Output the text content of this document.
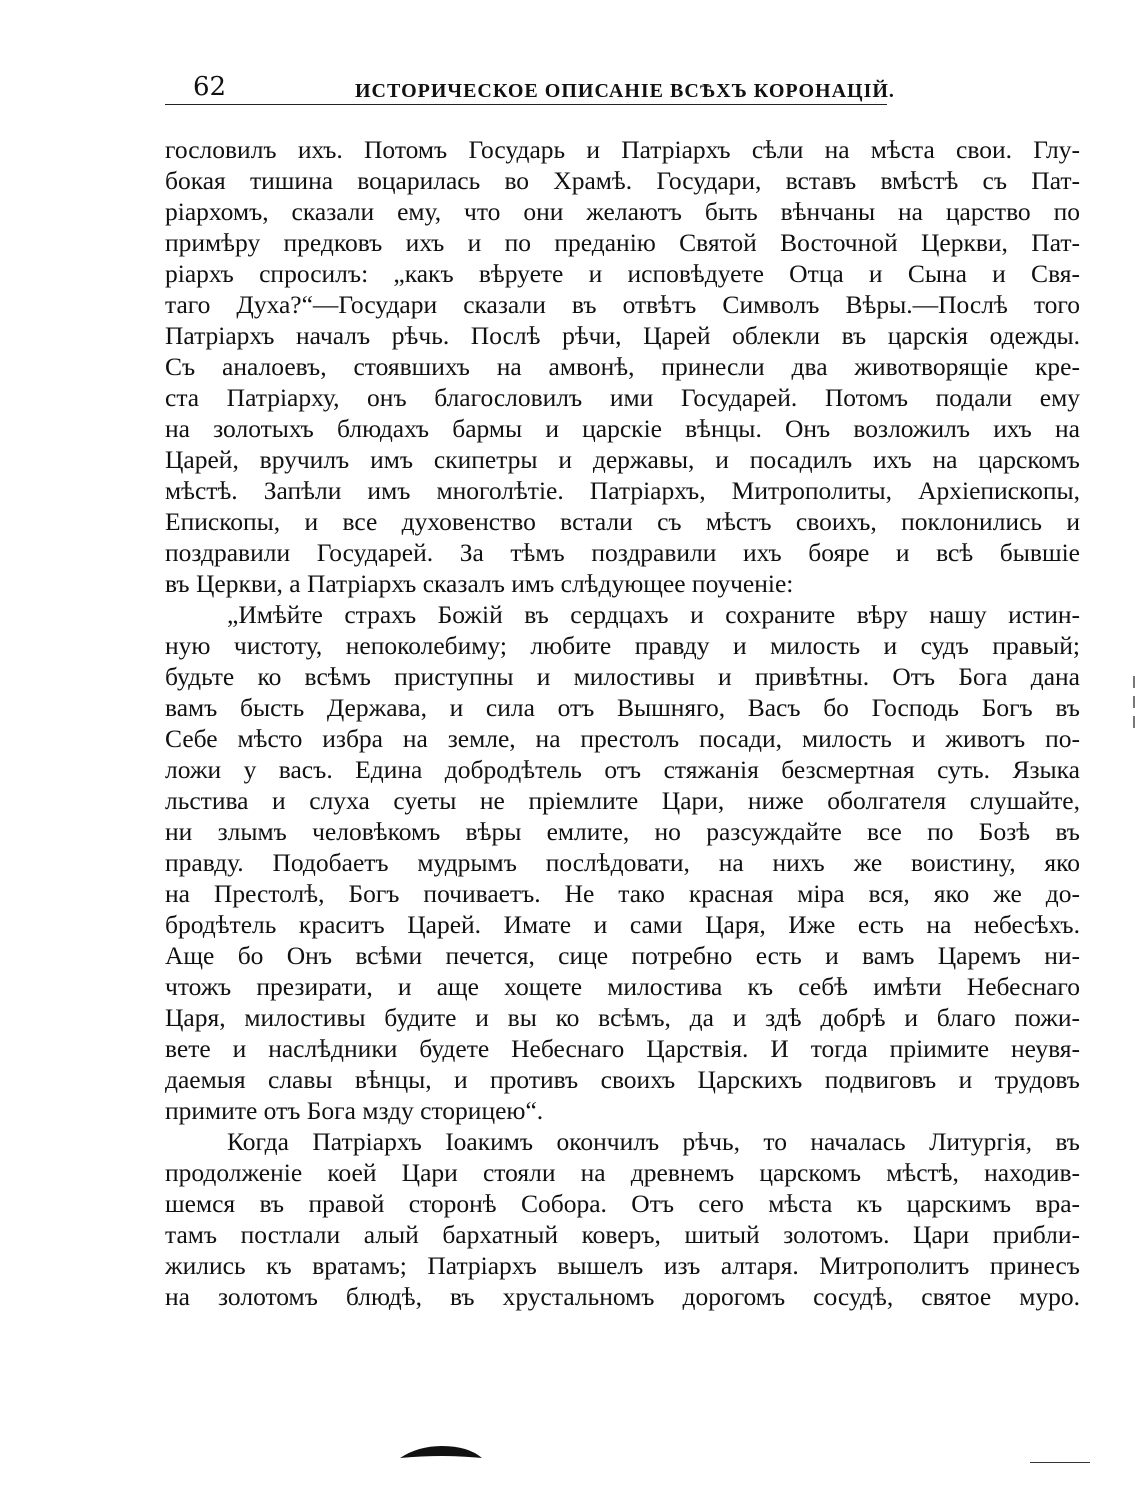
62	ИСТОРИЧЕСКОЕ ОПИСАНІЕ ВСѢХЪ КОРОНАЦІЙ.
гословилъ ихъ. Потомъ Государь и Патріархъ сѣли на мѣста свои. Глу-
бокая тишина воцарилась во Храмѣ. Государи, вставъ вмѣстѣ съ Пат-
ріархомъ, сказали ему, что они желаютъ быть вѣнчаны на царство по
примѣру предковъ ихъ и по преданію Святой Восточной Церкви, Пат-
ріархъ спросилъ: „какъ вѣруете и исповѣдуете Отца и Сына и Свя-
таго Духа?“—Государи сказали въ отвѣтъ Символъ Вѣры.—Послѣ того
Патріархъ началъ рѣчь. Послѣ рѣчи, Царей облекли въ царскія одежды.
Съ аналоевъ, стоявшихъ на амвонѣ, принесли два животворящіе кре-
ста Патріарху, онъ благословилъ ими Государей. Потомъ подали ему
на золотыхъ блюдахъ бармы и царскіе вѣнцы. Онъ возложилъ ихъ на
Царей, вручилъ имъ скипетры и державы, и посадилъ ихъ на царскомъ
мѣстѣ. Запѣли имъ многолѣтіе. Патріархъ, Митрополиты, Архіепископы,
Епископы, и все духовенство встали съ мѣстъ своихъ, поклонились и
поздравили Государей. За тѣмъ поздравили ихъ бояре и всѣ бывшіе
въ Церкви, а Патріархъ сказалъ имъ слѣдующее поученіе:
„Имѣйте страхъ Божій въ сердцахъ и сохраните вѣру нашу истин-
ную чистоту, непоколебиму; любите правду и милость и судъ правый;
будьте ко всѣмъ приступны и милостивы и привѣтны. Отъ Бога дана
вамъ бысть Держава, и сила отъ Вышняго, Васъ бо Господь Богъ въ
Себе мѣсто избра на земле, на престолъ посади, милость и животъ по-
ложи у васъ. Едина добродѣтель отъ стяжанія безсмертная суть. Языка
льстива и слуха суеты не пріемлите Цари, ниже оболгателя слушайте,
ни злымъ человѣкомъ вѣры емлите, но разсуждайте все по Бозѣ въ
правду. Подобаетъ мудрымъ послѣдовати, на нихъ же воистину, яко
на Престолѣ, Богъ почиваетъ. Не тако красная міра вся, яко же до-
бродѣтель краситъ Царей. Имате и сами Царя, Иже есть на небесѣхъ.
Аще бо Онъ всѣми печется, сице потребно есть и вамъ Царемъ ни-
чтожъ презирати, и аще хощете милостива къ себѣ имѣти Небеснаго
Царя, милостивы будите и вы ко всѣмъ, да и здѣ добрѣ и благо пожи-
вете и наслѣдники будете Небеснаго Царствія. И тогда пріимите неувя-
даемыя славы вѣнцы, и противъ своихъ Царскихъ подвиговъ и трудовъ
примите отъ Бога мзду сторицею“.
Когда Патріархъ Іоакимъ окончилъ рѣчь, то началась Литургія, въ
продолженіе коей Цари стояли на древнемъ царскомъ мѣстѣ, находив-
шемся въ правой сторонѣ Собора. Отъ сего мѣста къ царскимъ вра-
тамъ постлали алый бархатный коверъ, шитый золотомъ. Цари прибли-
жились къ вратамъ; Патріархъ вышелъ изъ алтаря. Митрополитъ принесъ
на золотомъ блюдѣ, въ хрустальномъ дорогомъ сосудѣ, святое муро.
